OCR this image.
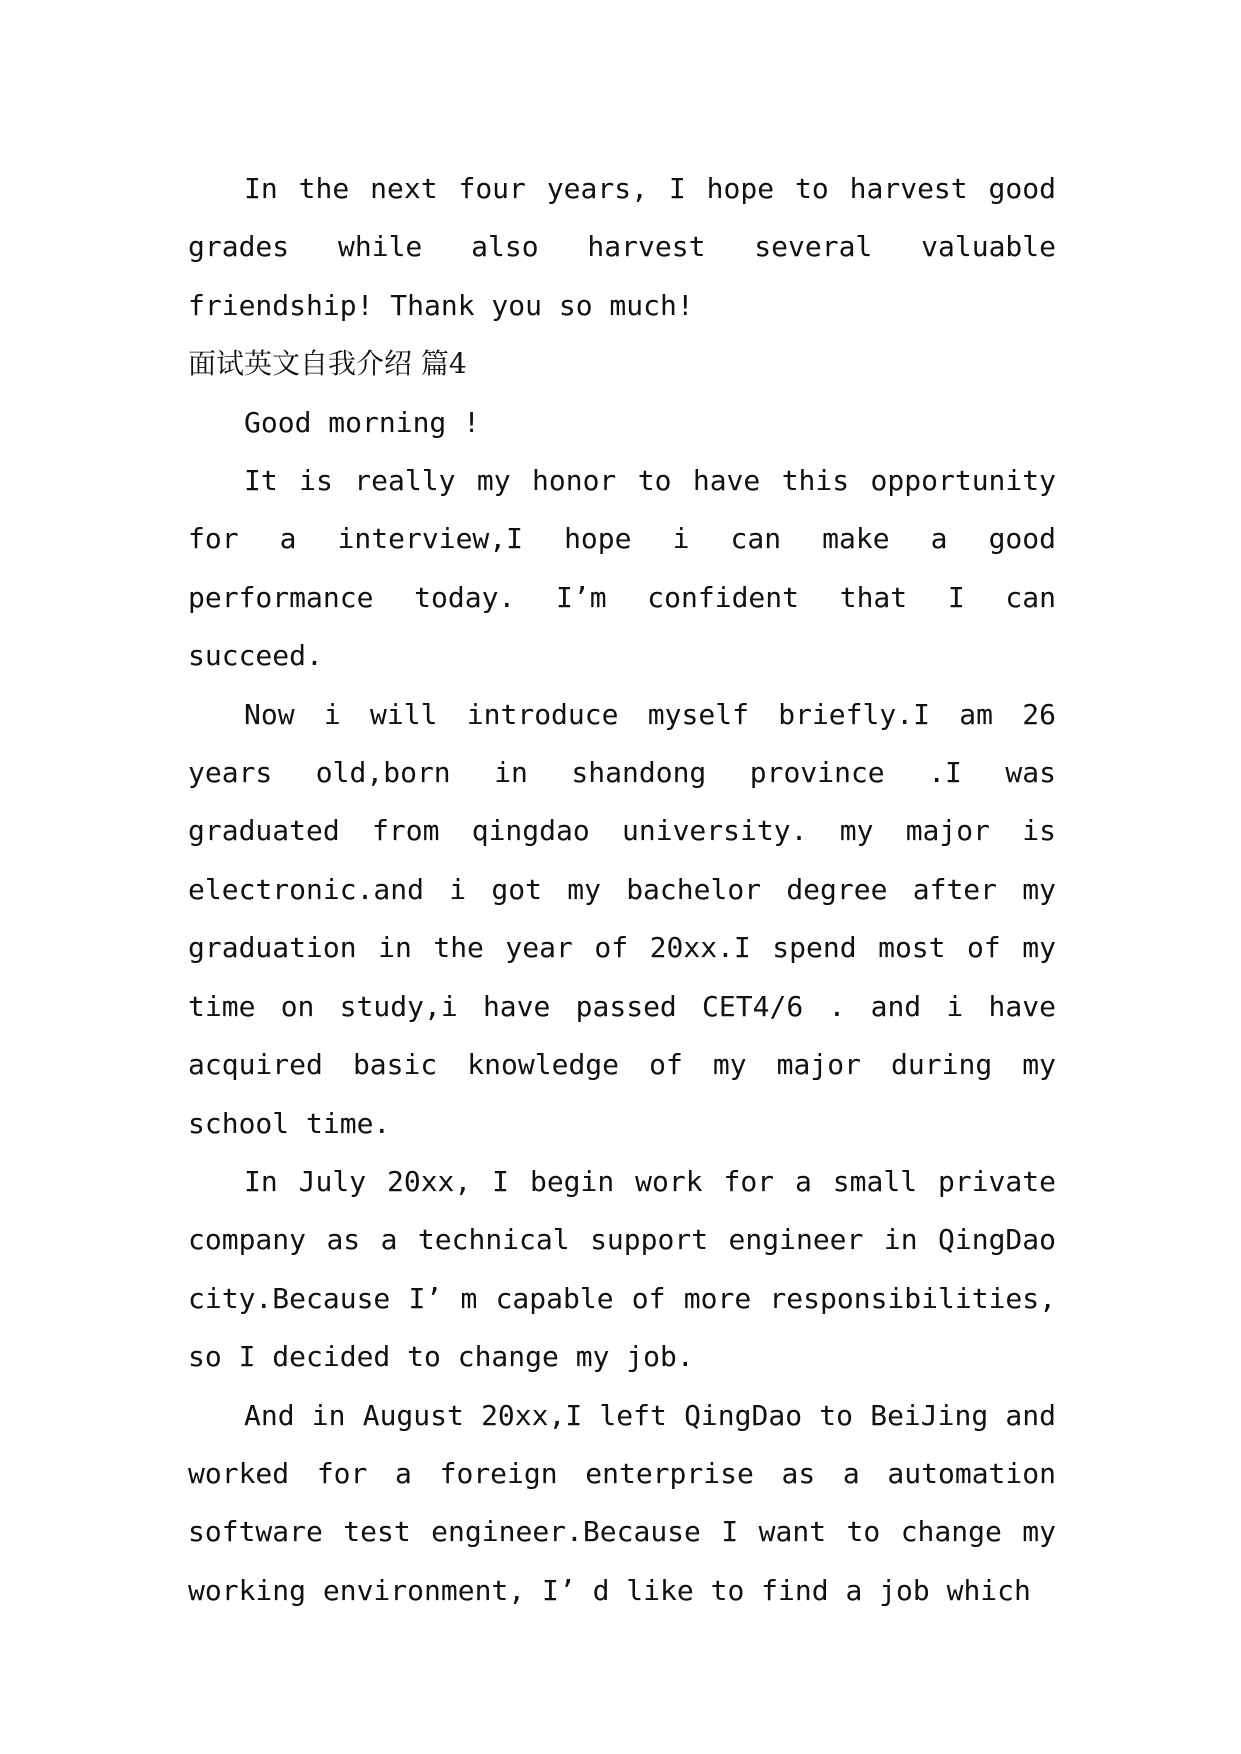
In the next four years, I hope to harvest good grades while also harvest several valuable friendship! Thank you so much!

面试英文自我介绍 篇4

Good morning !

It is really my honor to have this opportunity for a interview,I hope i can make a good performance today. I’m confident that I can succeed.

Now i will introduce myself briefly.I am 26 years old,born in shandong province .I was graduated from qingdao university. my major is electronic.and i got my bachelor degree after my graduation in the year of 20xx.I spend most of my time on study,i have passed CET4/6 . and i have acquired basic knowledge of my major during my school time.

In July 20xx, I begin work for a small private company as a technical support engineer in QingDao city.Because I’ m capable of more responsibilities, so I decided to change my job.

And in August 20xx,I left QingDao to BeiJing and worked for a foreign enterprise as a automation software test engineer.Because I want to change my working environment, I’ d like to find a job which
